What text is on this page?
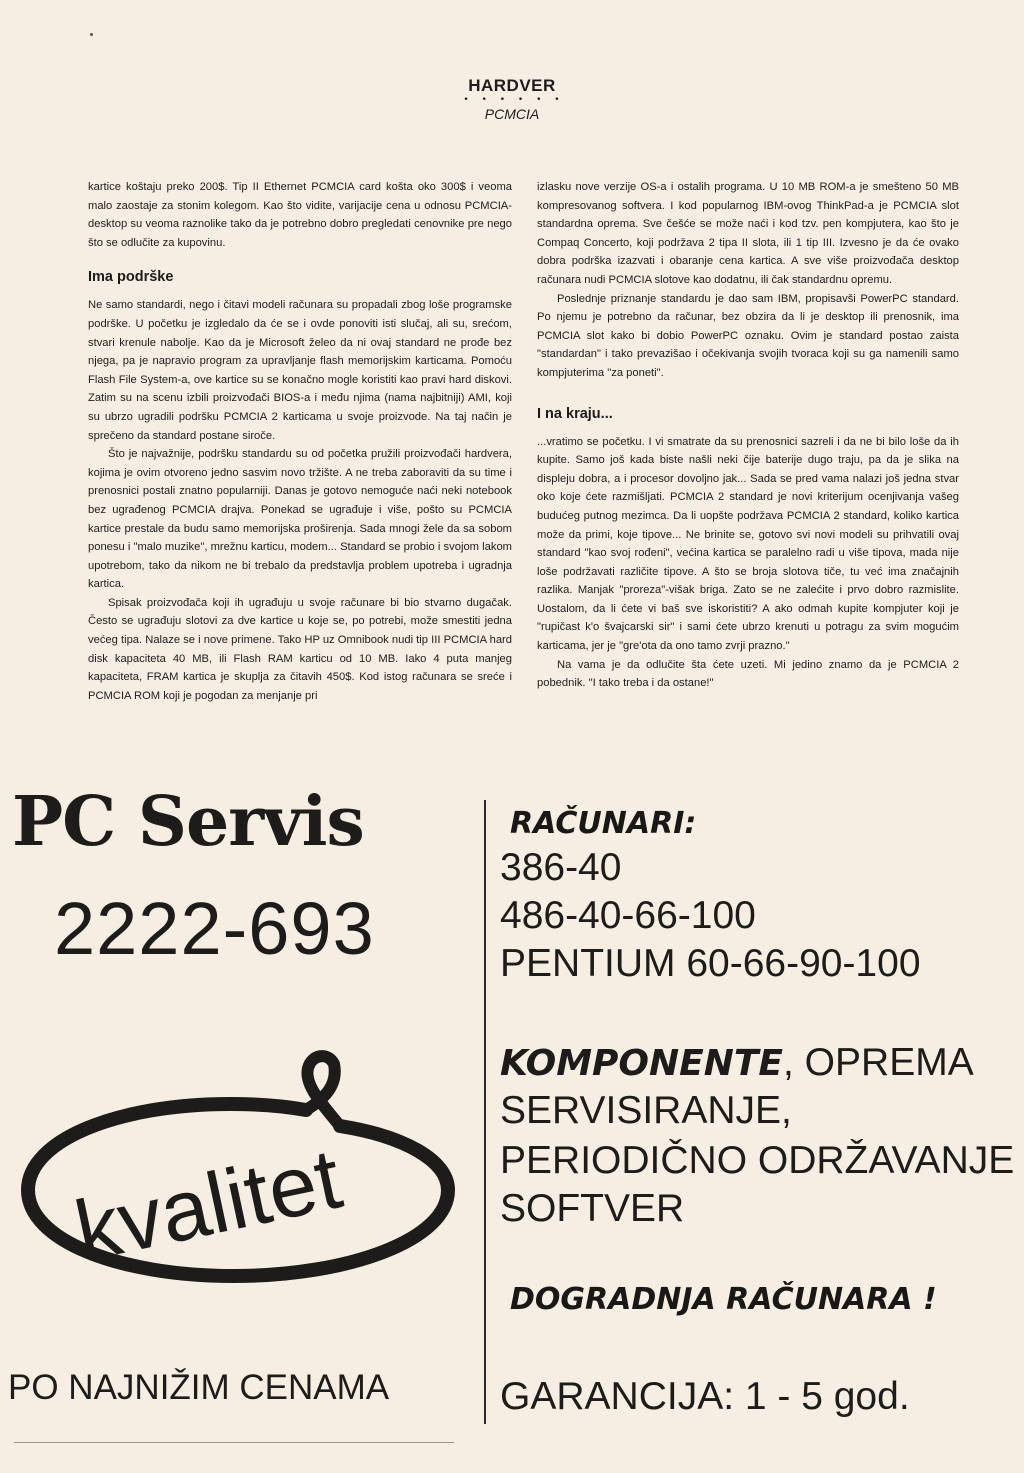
HARDVER
• • • • • •
PCMCIA

kartice koštaju preko 200$. Tip II Ethernet PCMCIA card košta oko 300$ i veoma malo zaostaje za stonim kolegom. Kao što vidite, varijacije cena u odnosu PCMCIA-desktop su veoma raznolike tako da je potrebno dobro pregledati cenovnike pre nego što se odlučite za kupovinu.

Ima podrške

Ne samo standardi, nego i čitavi modeli računara su propadali zbog loše programske podrške. U početku je izgledalo da će se i ovde ponoviti isti slučaj, ali su, srećom, stvari krenule nabolje. Kao da je Microsoft želeo da ni ovaj standard ne prođe bez njega, pa je napravio program za upravljanje flash memorijskim karticama. Pomoću Flash File System-a, ove kartice su se konačno mogle koristiti kao pravi hard diskovi. Zatim su na scenu izbili proizvođači BIOS-a i među njima (nama najbitniji) AMI, koji su ubrzo ugradili podršku PCMCIA 2 karticama u svoje proizvode. Na taj način je sprečeno da standard postane siroče.

Što je najvažnije, podršku standardu su od početka pružili proizvođači hardvera, kojima je ovim otvoreno jedno sasvim novo tržište. A ne treba zaboraviti da su time i prenosnici postali znatno popularniji. Danas je gotovo nemoguće naći neki notebook bez ugrađenog PCMCIA drajva. Ponekad se ugrađuje i više, pošto su PCMCIA kartice prestale da budu samo memorijska proširenja. Sada mnogi žele da sa sobom ponesu i "malo muzike", mrežnu karticu, modem... Standard se probio i svojom lakom upotrebom, tako da nikom ne bi trebalo da predstavlja problem upotreba i ugradnja kartica.

Spisak proizvođača koji ih ugrađuju u svoje računare bi bio stvarno dugačak. Često se ugrađuju slotovi za dve kartice u koje se, po potrebi, može smestiti jedna većeg tipa. Nalaze se i nove primene. Tako HP uz Omnibook nudi tip III PCMCIA hard disk kapaciteta 40 MB, ili Flash RAM karticu od 10 MB. Iako 4 puta manjeg kapaciteta, FRAM kartica je skuplja za čitavih 450$. Kod istog računara se sreće i PCMCIA ROM koji je pogodan za menjanje pri

izlasku nove verzije OS-a i ostalih programa. U 10 MB ROM-a je smešteno 50 MB kompresovanog softvera. I kod popularnog IBM-ovog ThinkPad-a je PCMCIA slot standardna oprema. Sve češće se može naći i kod tzv. pen kompjutera, kao što je Compaq Concerto, koji podržava 2 tipa II slota, ili 1 tip III. Izvesno je da će ovako dobra podrška izazvati i obaranje cena kartica. A sve više proizvođača desktop računara nudi PCMCIA slotove kao dodatnu, ili čak standardnu opremu.

Poslednje priznanje standardu je dao sam IBM, propisavši PowerPC standard. Po njemu je potrebno da računar, bez obzira da li je desktop ili prenosnik, ima PCMCIA slot kako bi dobio PowerPC oznaku. Ovim je standard postao zaista "standardan" i tako prevazišao i očekivanja svojih tvoraca koji su ga namenili samo kompjuterima "za poneti".

I na kraju...

...vratimo se početku. I vi smatrate da su prenosnici sazreli i da ne bi bilo loše da ih kupite. Samo još kada biste našli neki čije baterije dugo traju, pa da je slika na displeju dobra, a i procesor dovoljno jak... Sada se pred vama nalazi još jedna stvar oko koje ćete razmišljati. PCMCIA 2 standard je novi kriterijum ocenjivanja vašeg budućeg putnog mezimca. Da li uopšte podržava PCMCIA 2 standard, koliko kartica može da primi, koje tipove... Ne brinite se, gotovo svi novi modeli su prihvatili ovaj standard "kao svoj rođeni", većina kartica se paralelno radi u više tipova, mada nije loše podržavati različite tipove. A što se broja slotova tiče, tu već ima značajnih razlika. Manjak "proreza"-višak briga. Zato se ne zalećite i prvo dobro razmislite. Uostalom, da li ćete vi baš sve iskoristiti? A ako odmah kupite kompjuter koji je "rupičast k'o švajcarski sir" i sami ćete ubrzo krenuti u potragu za svim mogućim karticama, jer je "gre'ota da ono tamo zvrji prazno."

Na vama je da odlučite šta ćete uzeti. Mi jedino znamo da je PCMCIA 2 pobednik. "I tako treba i da ostane!"

PC Servis
2222-693
kvalitet
PO NAJNIŽIM CENAMA
RAČUNARI:
386-40
486-40-66-100
PENTIUM 60-66-90-100
KOMPONENTE, OPREMA
SERVISIRANJE,
PERIODIČNO ODRŽAVANJE
SOFTVER
DOGRADNJA RAČUNARA !
GARANCIJA: 1 - 5 god.
